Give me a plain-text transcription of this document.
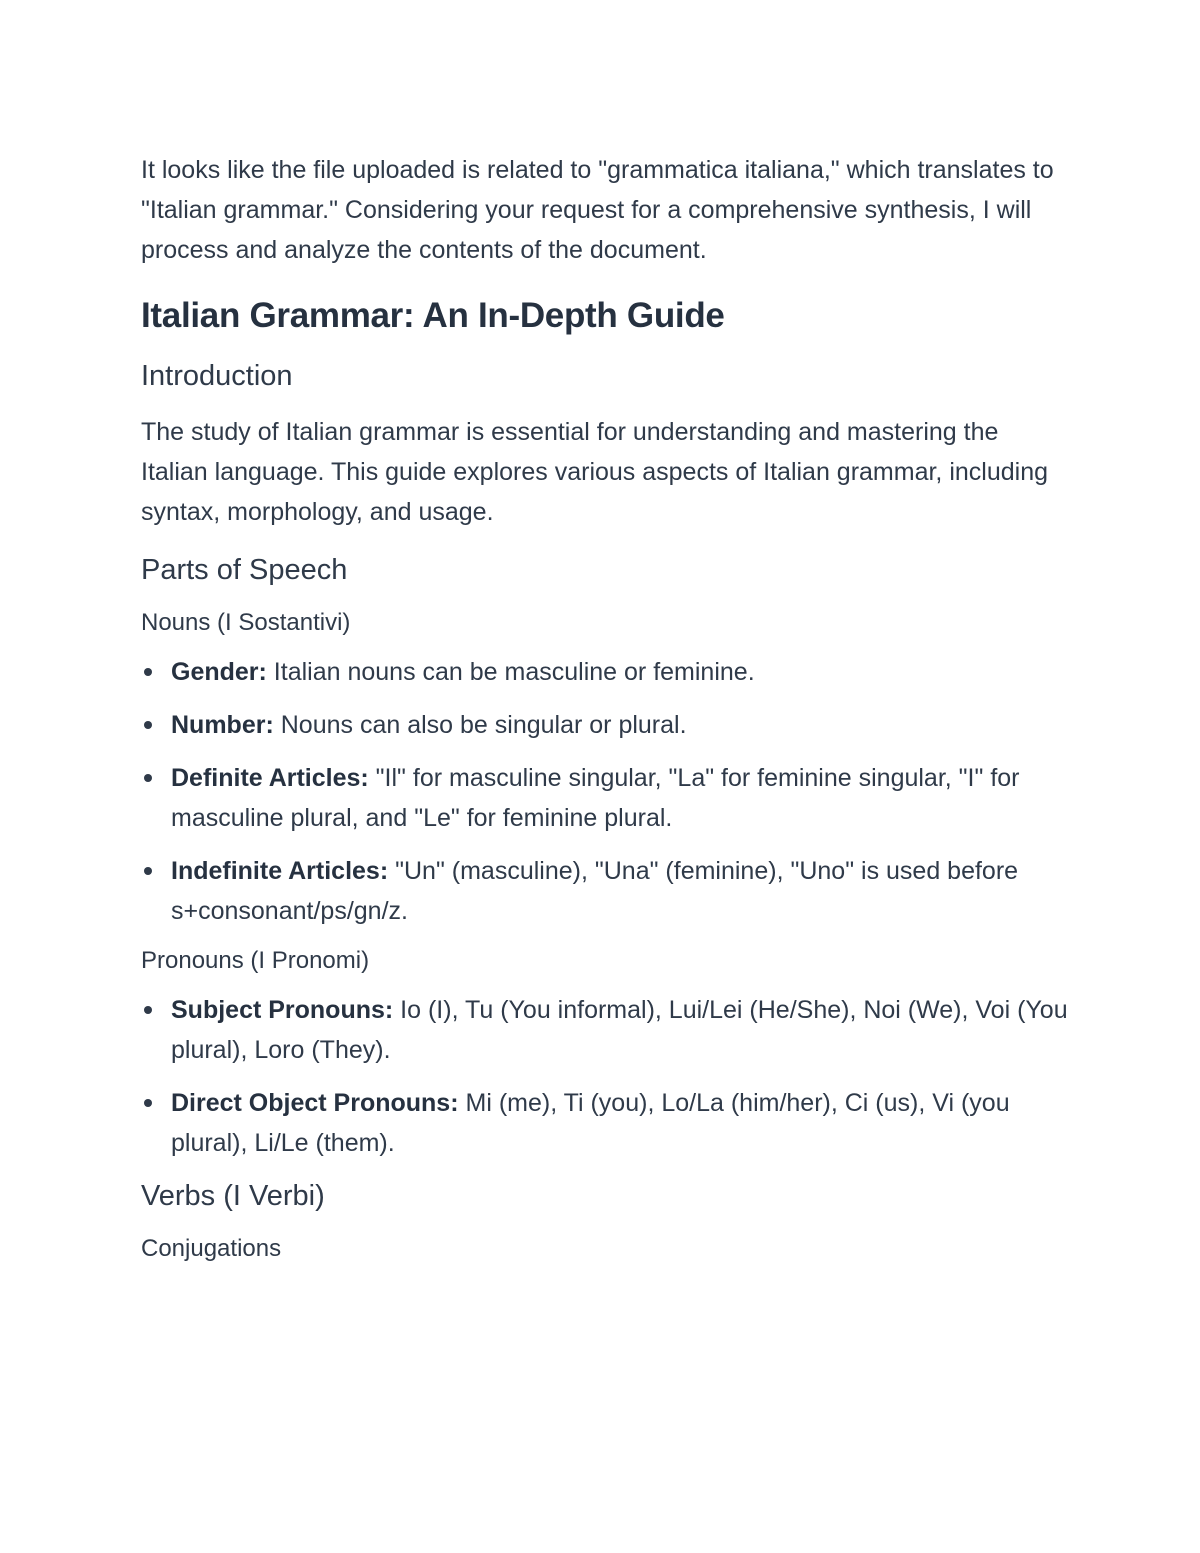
It looks like the file uploaded is related to "grammatica italiana," which translates to "Italian grammar." Considering your request for a comprehensive synthesis, I will process and analyze the contents of the document.

Italian Grammar: An In-Depth Guide
Introduction

The study of Italian grammar is essential for understanding and mastering the Italian language. This guide explores various aspects of Italian grammar, including syntax, morphology, and usage.

Parts of Speech
Nouns (I Sostantivi)
Gender: Italian nouns can be masculine or feminine.
Number: Nouns can also be singular or plural.
Definite Articles: "Il" for masculine singular, "La" for feminine singular, "I" for masculine plural, and "Le" for feminine plural.
Indefinite Articles: "Un" (masculine), "Una" (feminine), "Uno" is used before s+consonant/ps/gn/z.
Pronouns (I Pronomi)
Subject Pronouns: Io (I), Tu (You informal), Lui/Lei (He/She), Noi (We), Voi (You plural), Loro (They).
Direct Object Pronouns: Mi (me), Ti (you), Lo/La (him/her), Ci (us), Vi (you plural), Li/Le (them).
Verbs (I Verbi)
Conjugations
